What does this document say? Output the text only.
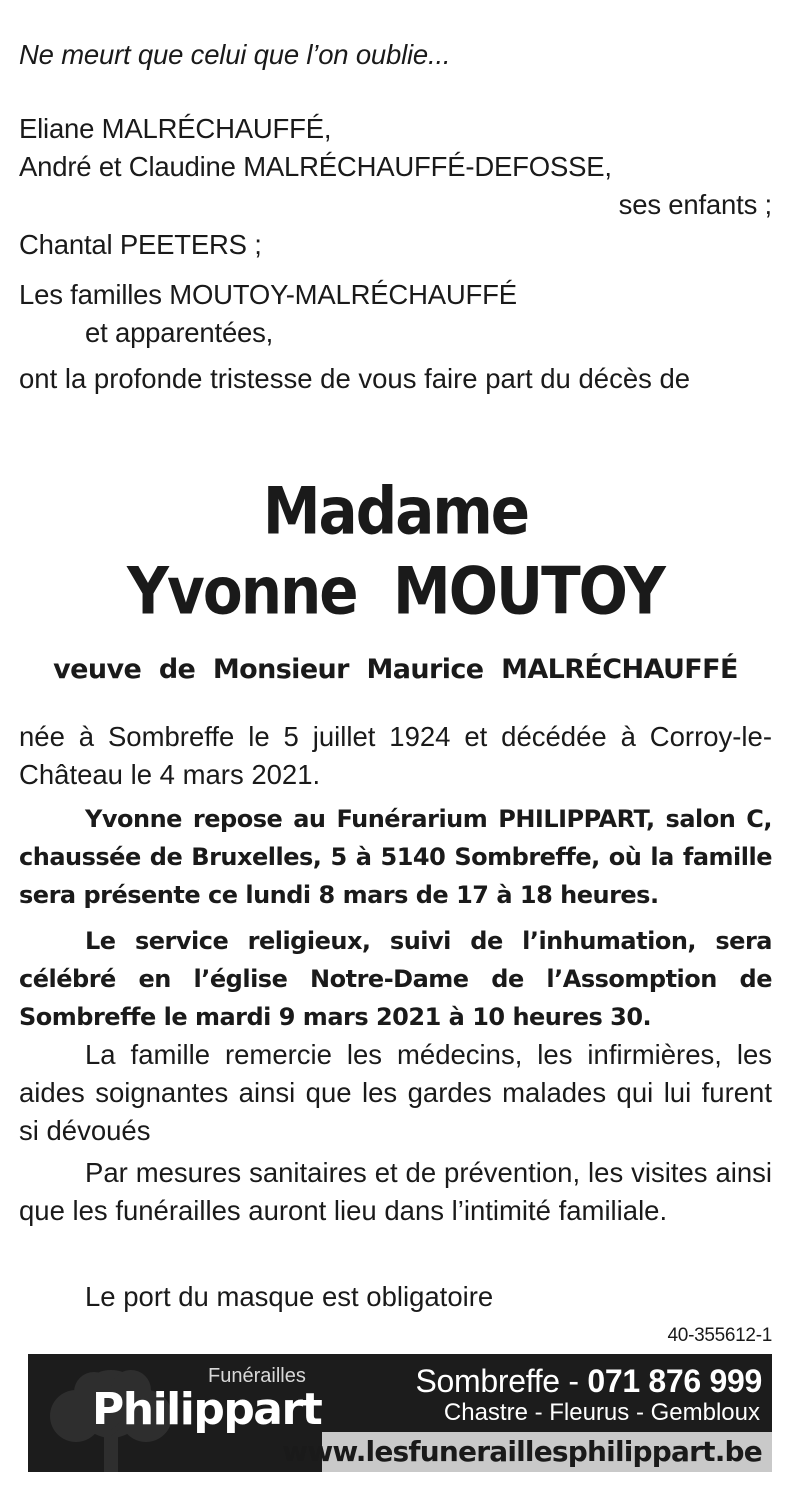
Ne meurt que celui que l’on oublie...
Eliane MALRÉCHAUFFÉ,
André et Claudine MALRÉCHAUFFÉ-DEFOSSE,
ses enfants ;
Chantal PEETERS ;
Les familles MOUTOY-MALRÉCHAUFFÉ
et apparentées,
ont la profonde tristesse de vous faire part du décès de
Madame
Yvonne  MOUTOY
veuve  de  Monsieur  Maurice  MALRÉCHAUFFÉ
née à Sombreffe le 5 juillet 1924 et décédée à Corroy-le-Château le 4 mars 2021.
Yvonne repose au Funérarium PHILIPPART, salon C, chaussée de Bruxelles, 5 à 5140 Sombreffe, où la famille sera présente ce lundi 8 mars de 17 à 18 heures.
Le service religieux, suivi de l’inhumation, sera célébré en l’église Notre-Dame de l’Assomption de Sombreffe le mardi 9 mars 2021 à 10 heures 30.
La famille remercie les médecins, les infirmières, les aides soignantes ainsi que les gardes malades qui lui furent si dévoués
Par mesures sanitaires et de prévention, les visites ainsi que les funérailles auront lieu dans l’intimité familiale.
Le port du masque est obligatoire
40-355612-1
Funérailles
Philippart
Sombreffe - 071 876 999
Chastre - Fleurus - Gembloux
www.lesfuneraillesphilippart.be
